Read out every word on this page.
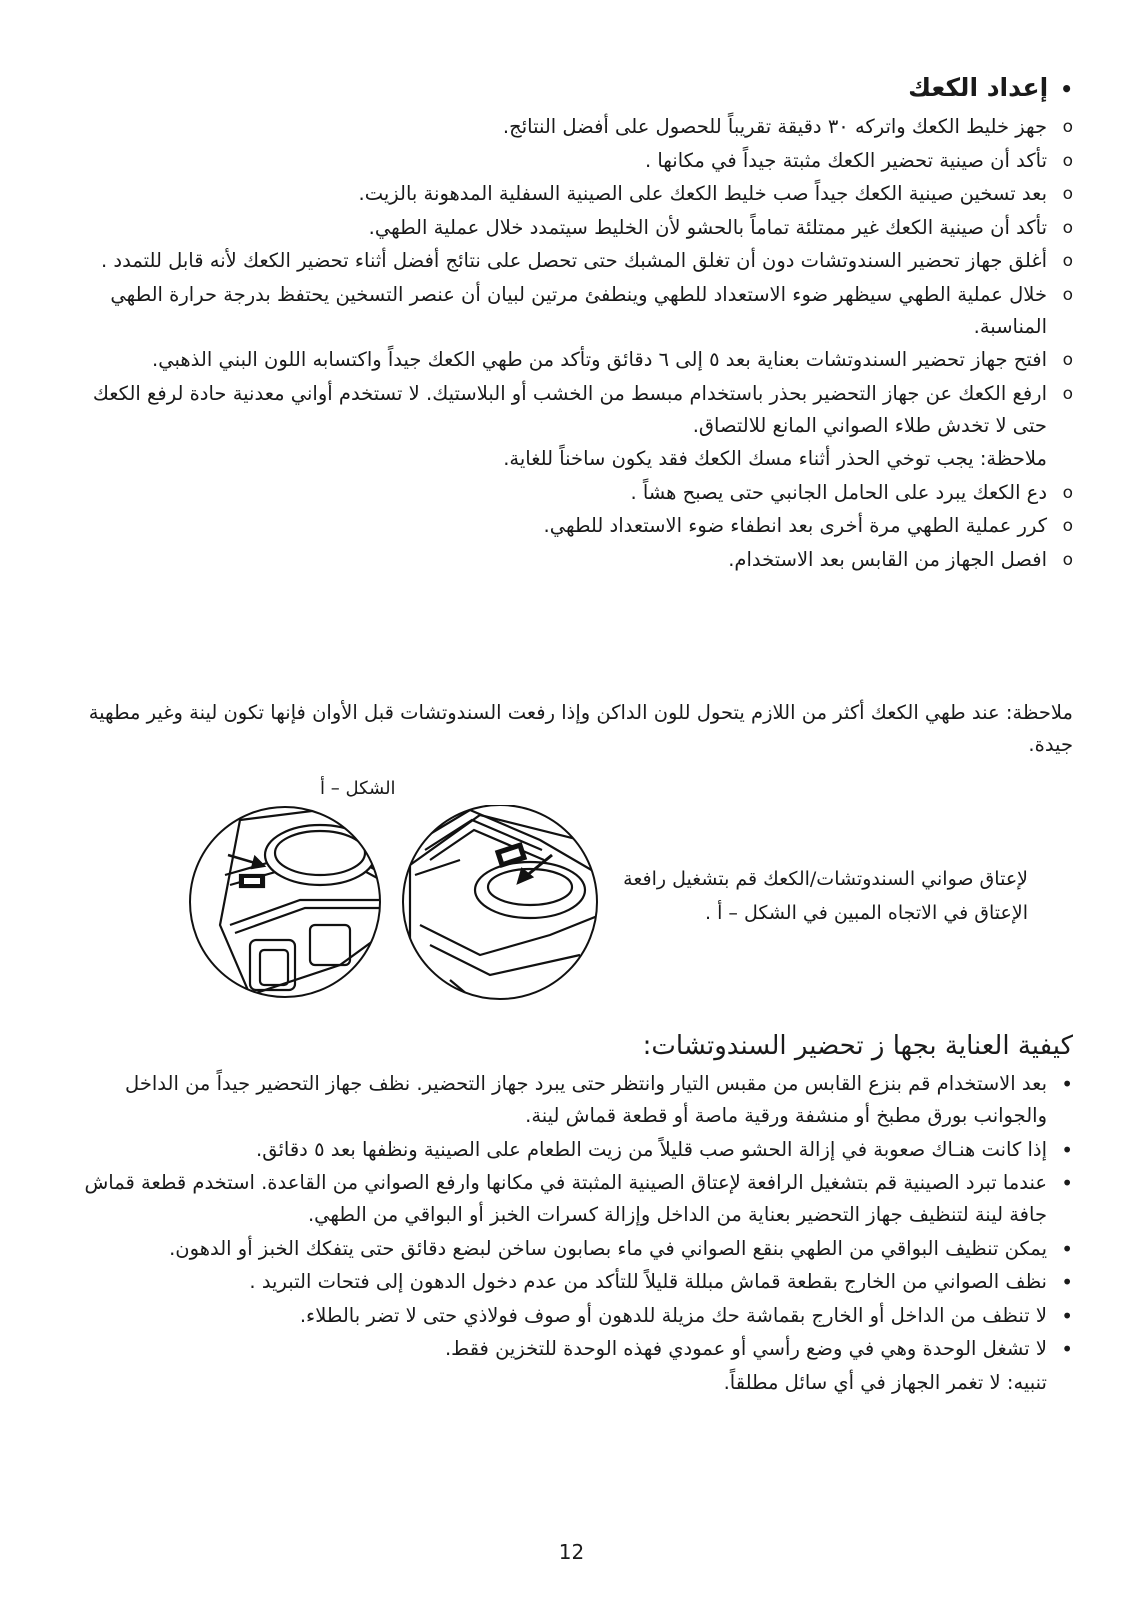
•إعداد الكعك
o
جهز خليط الكعك واتركه ٣٠ دقيقة تقريباً للحصول على أفضل النتائج.
o
تأكد أن صينية تحضير الكعك مثبتة جيداً في مكانها .
o
بعد تسخين صينية الكعك جيداً صب خليط الكعك على الصينية السفلية المدهونة بالزيت.
o
تأكد أن صينية الكعك غير ممتلئة تماماً بالحشو لأن الخليط سيتمدد خلال عملية الطهي.
o
أغلق جهاز تحضير السندوتشات دون أن تغلق المشبك حتى تحصل على نتائج أفضل أثناء تحضير الكعك لأنه قابل للتمدد .
o
خلال عملية الطهي سيظهر ضوء الاستعداد للطهي وينطفئ مرتين لبيان أن عنصر التسخين يحتفظ بدرجة حرارة الطهي المناسبة.
o
افتح جهاز تحضير السندوتشات بعناية بعد ٥ إلى ٦ دقائق وتأكد من طهي الكعك جيداً واكتسابه اللون البني الذهبي.
o
ارفع الكعك عن جهاز التحضير بحذر باستخدام مبسط من الخشب أو البلاستيك. لا تستخدم أواني معدنية حادة لرفع الكعك حتى لا تخدش طلاء الصواني المانع للالتصاق.
ملاحظة: يجب توخي الحذر أثناء مسك الكعك فقد يكون ساخناً للغاية.
o
دع الكعك يبرد على الحامل الجانبي حتى يصبح هشاً .
o
كرر عملية الطهي مرة أخرى بعد انطفاء ضوء الاستعداد للطهي.
o
افصل الجهاز من القابس بعد الاستخدام.
ملاحظة: عند طهي الكعك أكثر من اللازم يتحول للون الداكن وإذا رفعت السندوتشات قبل الأوان فإنها تكون لينة وغير مطهية جيدة.
الشكل – أ
لإعتاق صواني السندوتشات/الكعك قم بتشغيل رافعة الإعتاق في الاتجاه المبين في الشكل – أ .
كيفية العناية بجها ز تحضير السندوتشات:
•
بعد الاستخدام قم بنزع القابس من مقبس التيار وانتظر حتى يبرد جهاز التحضير. نظف جهاز التحضير جيداً من الداخل والجوانب بورق مطبخ أو منشفة ورقية ماصة أو قطعة قماش لينة.
•
إذا كانت هنـاك صعوبة في إزالة الحشو صب قليلاً من زيت الطعام على الصينية ونظفها بعد ٥ دقائق.
•
عندما تبرد الصينية قم بتشغيل الرافعة لإعتاق الصينية المثبتة في مكانها وارفع الصواني من القاعدة. استخدم قطعة قماش جافة لينة لتنظيف جهاز التحضير بعناية من الداخل وإزالة كسرات الخبز أو البواقي من الطهي.
•
يمكن تنظيف البواقي من الطهي بنقع الصواني في ماء بصابون ساخن لبضع دقائق حتى يتفكك الخبز أو الدهون.
•
نظف الصواني من الخارج بقطعة قماش مبللة قليلاً للتأكد من عدم دخول الدهون إلى فتحات التبريد .
•
لا تنظف من الداخل أو الخارج بقماشة حك مزيلة للدهون أو صوف فولاذي حتى لا تضر بالطلاء.
•
لا تشغل الوحدة وهي في وضع رأسي أو عمودي فهذه الوحدة للتخزين فقط.
تنبيه: لا تغمر الجهاز في أي سائل مطلقاً.
12
